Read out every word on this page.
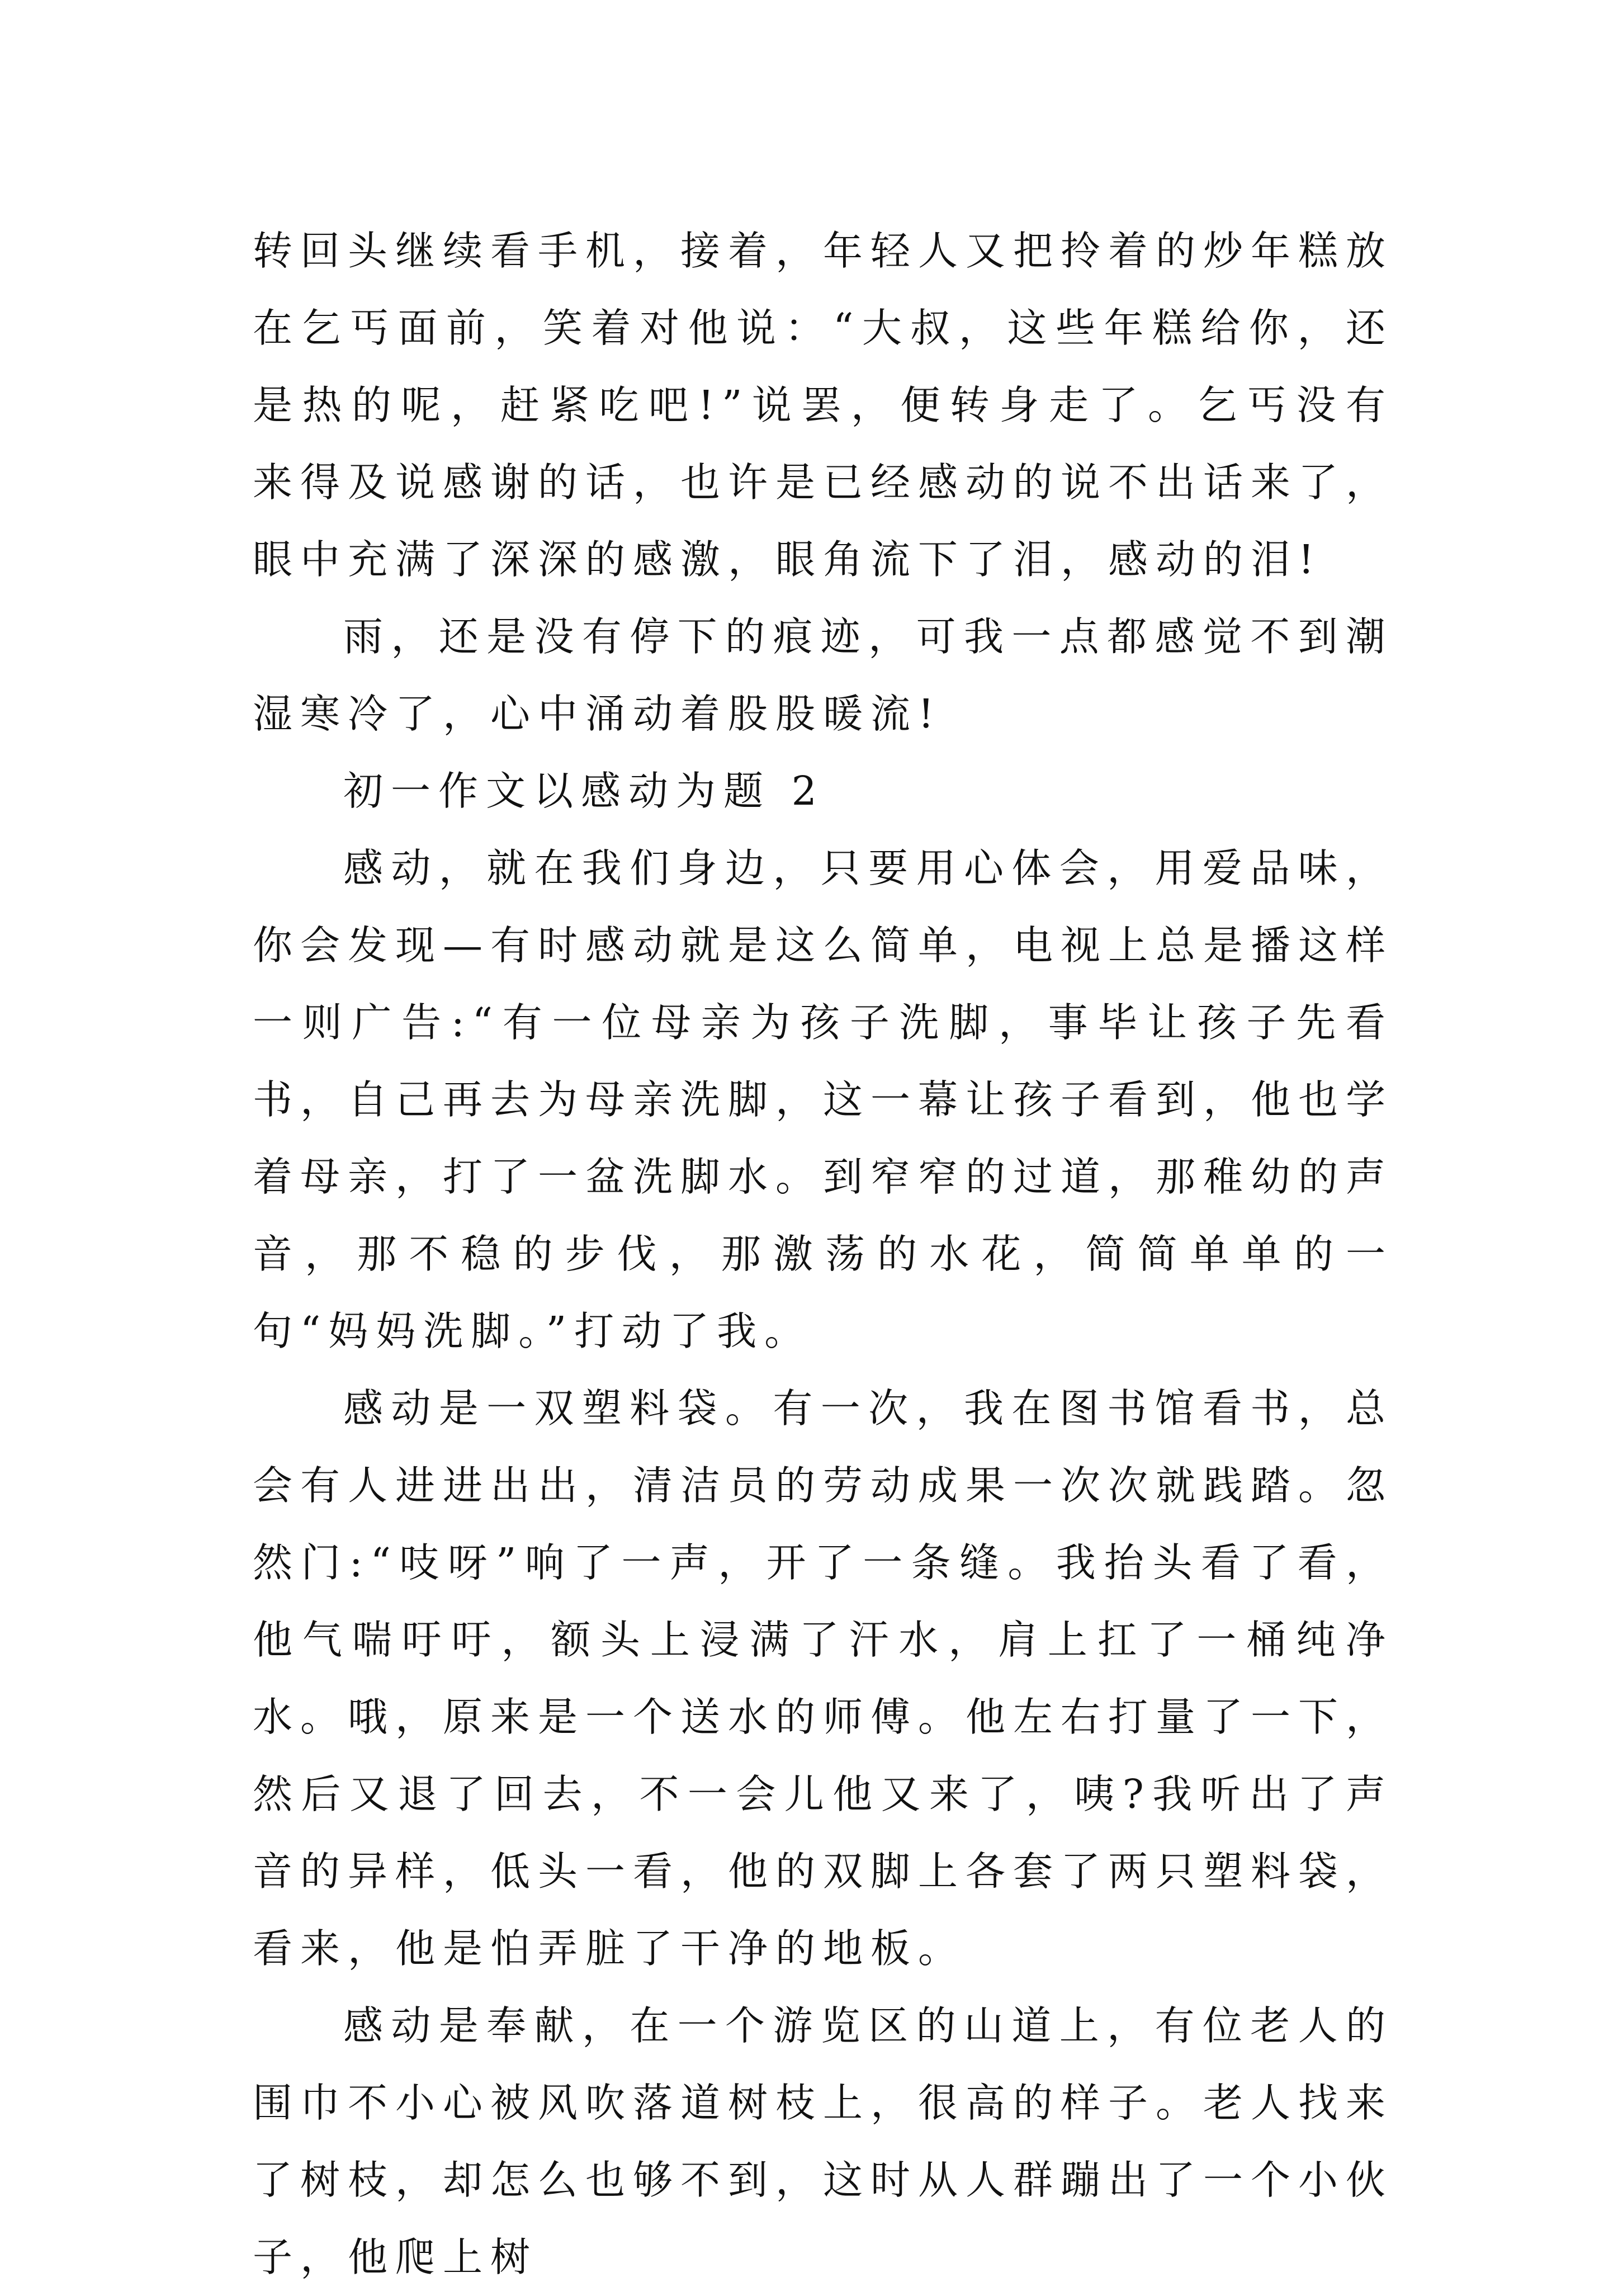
转回头继续看手机，接着，年轻人又把拎着的炒年糕放在乞丐面前，笑着对他说：“大叔，这些年糕给你，还是热的呢，赶紧吃吧!”说罢，便转身走了。乞丐没有来得及说感谢的话，也许是已经感动的说不出话来了，眼中充满了深深的感激，眼角流下了泪，感动的泪!

雨，还是没有停下的痕迹，可我一点都感觉不到潮湿寒冷了，心中涌动着股股暖流!

初一作文以感动为题 2

感动，就在我们身边，只要用心体会，用爱品味，你会发现—有时感动就是这么简单，电视上总是播这样一则广告:“有一位母亲为孩子洗脚，事毕让孩子先看书，自己再去为母亲洗脚，这一幕让孩子看到，他也学着母亲，打了一盆洗脚水。到窄窄的过道，那稚幼的声音，那不稳的步伐，那激荡的水花，简简单单的一句“妈妈洗脚。”打动了我。

感动是一双塑料袋。有一次，我在图书馆看书，总会有人进进出出，清洁员的劳动成果一次次就践踏。忽然门:“吱呀”响了一声，开了一条缝。我抬头看了看，他气喘吁吁，额头上浸满了汗水，肩上扛了一桶纯净水。哦，原来是一个送水的师傅。他左右打量了一下，然后又退了回去，不一会儿他又来了，咦?我听出了声音的异样，低头一看，他的双脚上各套了两只塑料袋，看来，他是怕弄脏了干净的地板。

感动是奉献，在一个游览区的山道上，有位老人的围巾不小心被风吹落道树枝上，很高的样子。老人找来了树枝，却怎么也够不到，这时从人群蹦出了一个小伙子，他爬上树
